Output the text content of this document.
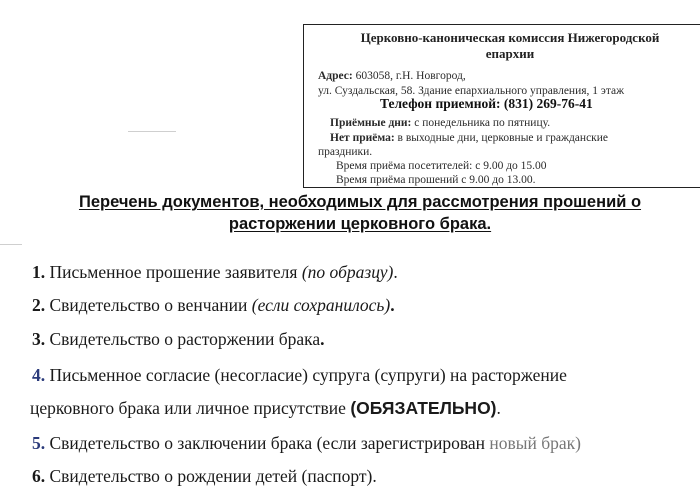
Церковно-каноническая комиссия Нижегородской
епархии
Адрес: 603058, г.Н. Новгород,
ул. Суздальская, 58. Здание епархиального управления, 1 этаж
Телефон приемной: (831) 269-76-41
Приёмные дни: с понедельника по пятницу.
Нет приёма: в выходные дни, церковные и гражданские
праздники.
Время приёма посетителей: с 9.00 до 15.00
Время приёма прошений с 9.00 до 13.00.
Перечень документов, необходимых для рассмотрения прошений о
расторжении церковного брака.
1. Письменное прошение заявителя (по образцу).
2. Свидетельство о венчании (если сохранилось).
3. Свидетельство о расторжении брака.
4. Письменное согласие (несогласие) супруга (супруги) на расторжение
церковного брака или личное присутствие (ОБЯЗАТЕЛЬНО).
5. Свидетельство о заключении брака (если зарегистрирован новый брак)
6. Свидетельство о рождении детей (паспорт).
